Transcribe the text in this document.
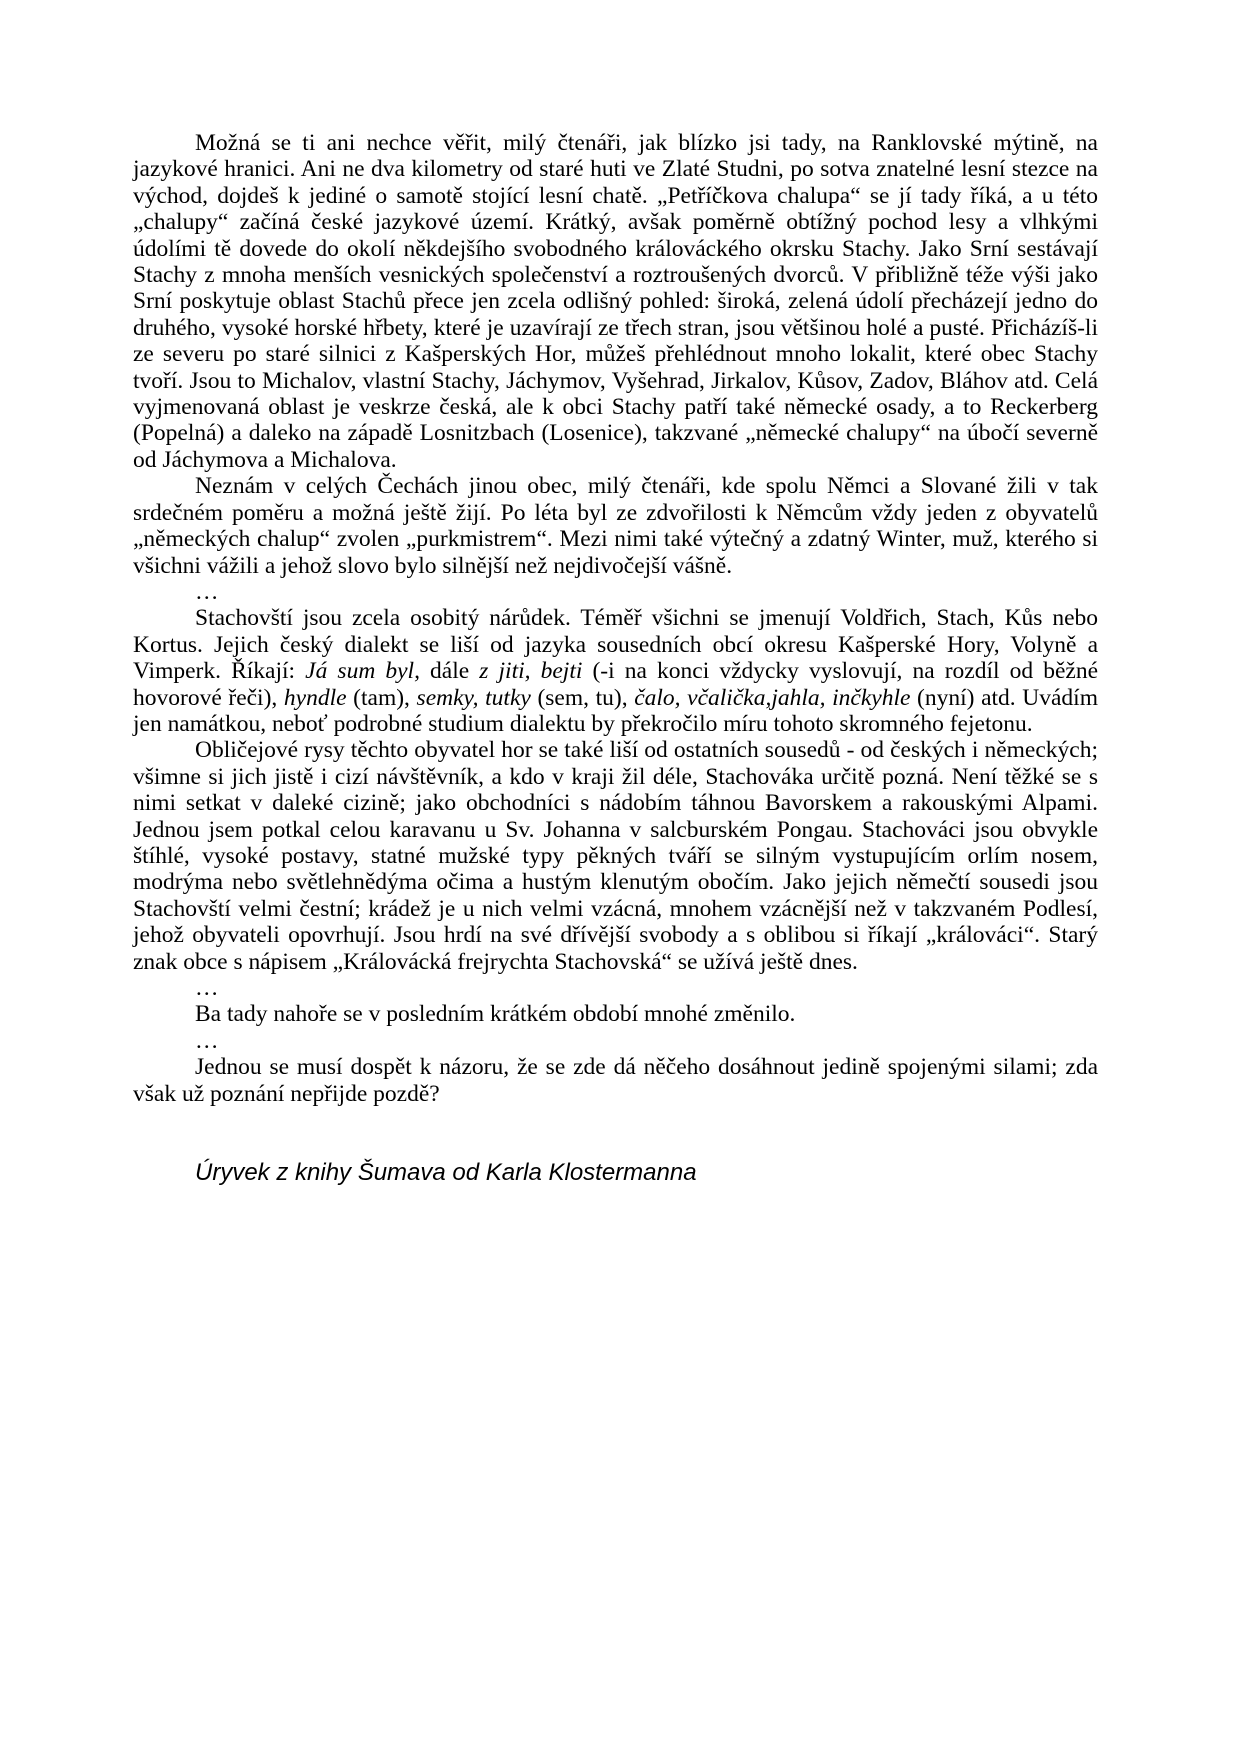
Možná se ti ani nechce věřit, milý čtenáři, jak blízko jsi tady, na Ranklovské mýtině, na jazykové hranici. Ani ne dva kilometry od staré huti ve Zlaté Studni, po sotva znatelné lesní stezce na východ, dojdeš k jediné o samotě stojící lesní chatě. „Petříčkova chalupa“ se jí tady říká, a u této „chalupy“ začíná české jazykové území. Krátký, avšak poměrně obtížný pochod lesy a vlhkými údolími tě dovede do okolí někdejšího svobodného králováckého okrsku Stachy. Jako Srní sestávají Stachy z mnoha menších vesnických společenství a roztroušených dvorců. V přibližně téže výši jako Srní poskytuje oblast Stachů přece jen zcela odlišný pohled: široká, zelená údolí přecházejí jedno do druhého, vysoké horské hřbety, které je uzavírají ze třech stran, jsou většinou holé a pusté. Přicházíš-li ze severu po staré silnici z Kašperských Hor, můžeš přehlédnout mnoho lokalit, které obec Stachy tvoří. Jsou to Michalov, vlastní Stachy, Jáchymov, Vyšehrad, Jirkalov, Kůsov, Zadov, Bláhov atd. Celá vyjmenovaná oblast je veskrze česká, ale k obci Stachy patří také německé osady, a to Reckerberg (Popelná) a daleko na západě Losnitzbach (Losenice), takzvané „německé chalupy“ na úbočí severně od Jáchymova a Michalova.

Neznám v celých Čechách jinou obec, milý čtenáři, kde spolu Němci a Slované žili v tak srdečném poměru a možná ještě žijí. Po léta byl ze zdvořilosti k Němcům vždy jeden z obyvatelů „německých chalup“ zvolen „purkmistrem“. Mezi nimi také výtečný a zdatný Winter, muž, kterého si všichni vážili a jehož slovo bylo silnější než nejdivočejší vášně.

…

Stachovští jsou zcela osobitý nárůdek. Téměř všichni se jmenují Voldřich, Stach, Kůs nebo Kortus. Jejich český dialekt se liší od jazyka sousedních obcí okresu Kašperské Hory, Volyně a Vimperk. Říkají: Já sum byl, dále z jiti, bejti (-i na konci vždycky vyslovují, na rozdíl od běžné hovorové řeči), hyndle (tam), semky, tutky (sem, tu), čalo, včalička,jahla, inčkyhle (nyní) atd. Uvádím jen namátkou, neboť podrobné studium dialektu by překročilo míru tohoto skromného fejetonu.

Obličejové rysy těchto obyvatel hor se také liší od ostatních sousedů - od českých i německých; všimne si jich jistě i cizí návštěvník, a kdo v kraji žil déle, Stachováka určitě pozná. Není těžké se s nimi setkat v daleké cizině; jako obchodníci s nádobím táhnou Bavorskem a rakouskými Alpami. Jednou jsem potkal celou karavanu u Sv. Johanna v salcburském Pongau. Stachováci jsou obvykle štíhlé, vysoké postavy, statné mužské typy pěkných tváří se silným vystupujícím orlím nosem, modrýma nebo světlehnědýma očima a hustým klenutým obočím. Jako jejich němečtí sousedi jsou Stachovští velmi čestní; krádež je u nich velmi vzácná, mnohem vzácnější než v takzvaném Podlesí, jehož obyvateli opovrhují. Jsou hrdí na své dřívější svobody a s oblibou si říkají „králováci“. Starý znak obce s nápisem „Královácká frejrychta Stachovská“ se užívá ještě dnes.

…

Ba tady nahoře se v posledním krátkém období mnohé změnilo.

…

Jednou se musí dospět k názoru, že se zde dá něčeho dosáhnout jedině spojenými silami; zda však už poznání nepřijde pozdě?

Úryvek z knihy Šumava od Karla Klostermanna
